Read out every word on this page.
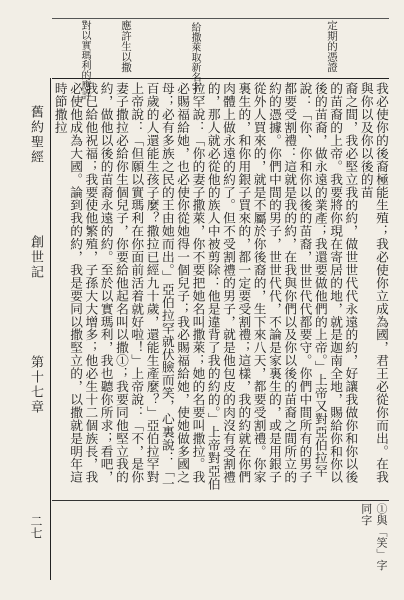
定期的憑證
給撒萊取新名字
應許生以撒
對以實瑪利的應許

我必使你的後裔極能生殖；我必使你立成為國，君王必從你而出。在我與你以及你以後的苗

裔之間，我必堅立我的約，做世世代代永遠的約，好讓我做你和你以後的苗裔的上帝。我要將你現在寄居的地，就是迦南全地，賜給你和你以後的苗裔，做永遠的業產；我還要做他們的上帝。」上帝又對亞伯拉罕說：「你、你和你以後的苗裔，世世代代都要守。你們中間所有的男子都要受割禮：這就是我的約，在我與你們以及你以後的苗裔之間所立的約的憑據。你們中間的男子，世世代代，不論是家裏生的，或是用銀子從外人買來的，就是不屬於你後裔的，生下來八天，都要受割禮。你家裏生的，和你用銀子買來的，都一定要受割禮；這樣，我的約就在你們肉體上做永遠的約了。但不受割禮的男子，就是他包皮的肉沒有受割禮的，那人就必從他的族人中被剪除：他是違背了我的約的。」上帝對亞伯拉罕說：「你的妻子撒萊，你不要把她名叫撒萊；她的名要叫撒拉。我必賜福給她，也必使你從她得一個兒子；我必賜福給她，使她做多國之母；必有多族之民的王由她而出。」亞伯拉罕就伏臉而笑，心裏說：「一百歲的人還能生孩子麼？撒拉已經九十歲，還能生產麼？」亞伯拉罕對上帝說：「但願以實瑪利在你面前活着就好啦！」上帝說：「不，是你妻子撒拉必給你生個兒子，你要給他起名叫以撒①；我要同他堅立我的約，做他以後的苗裔永遠的約。至於以實瑪利，我也聽你所求；看吧，我已給他祝福；我要使他繁殖，子孫大大增多；他必生十二個族長，我必使他成為大國。論到我的約，我是要同以撒堅立的，以撒就是明年這時節撒拉

①與「笑」字同字
舊約聖經
創世記
第十七章
二七
